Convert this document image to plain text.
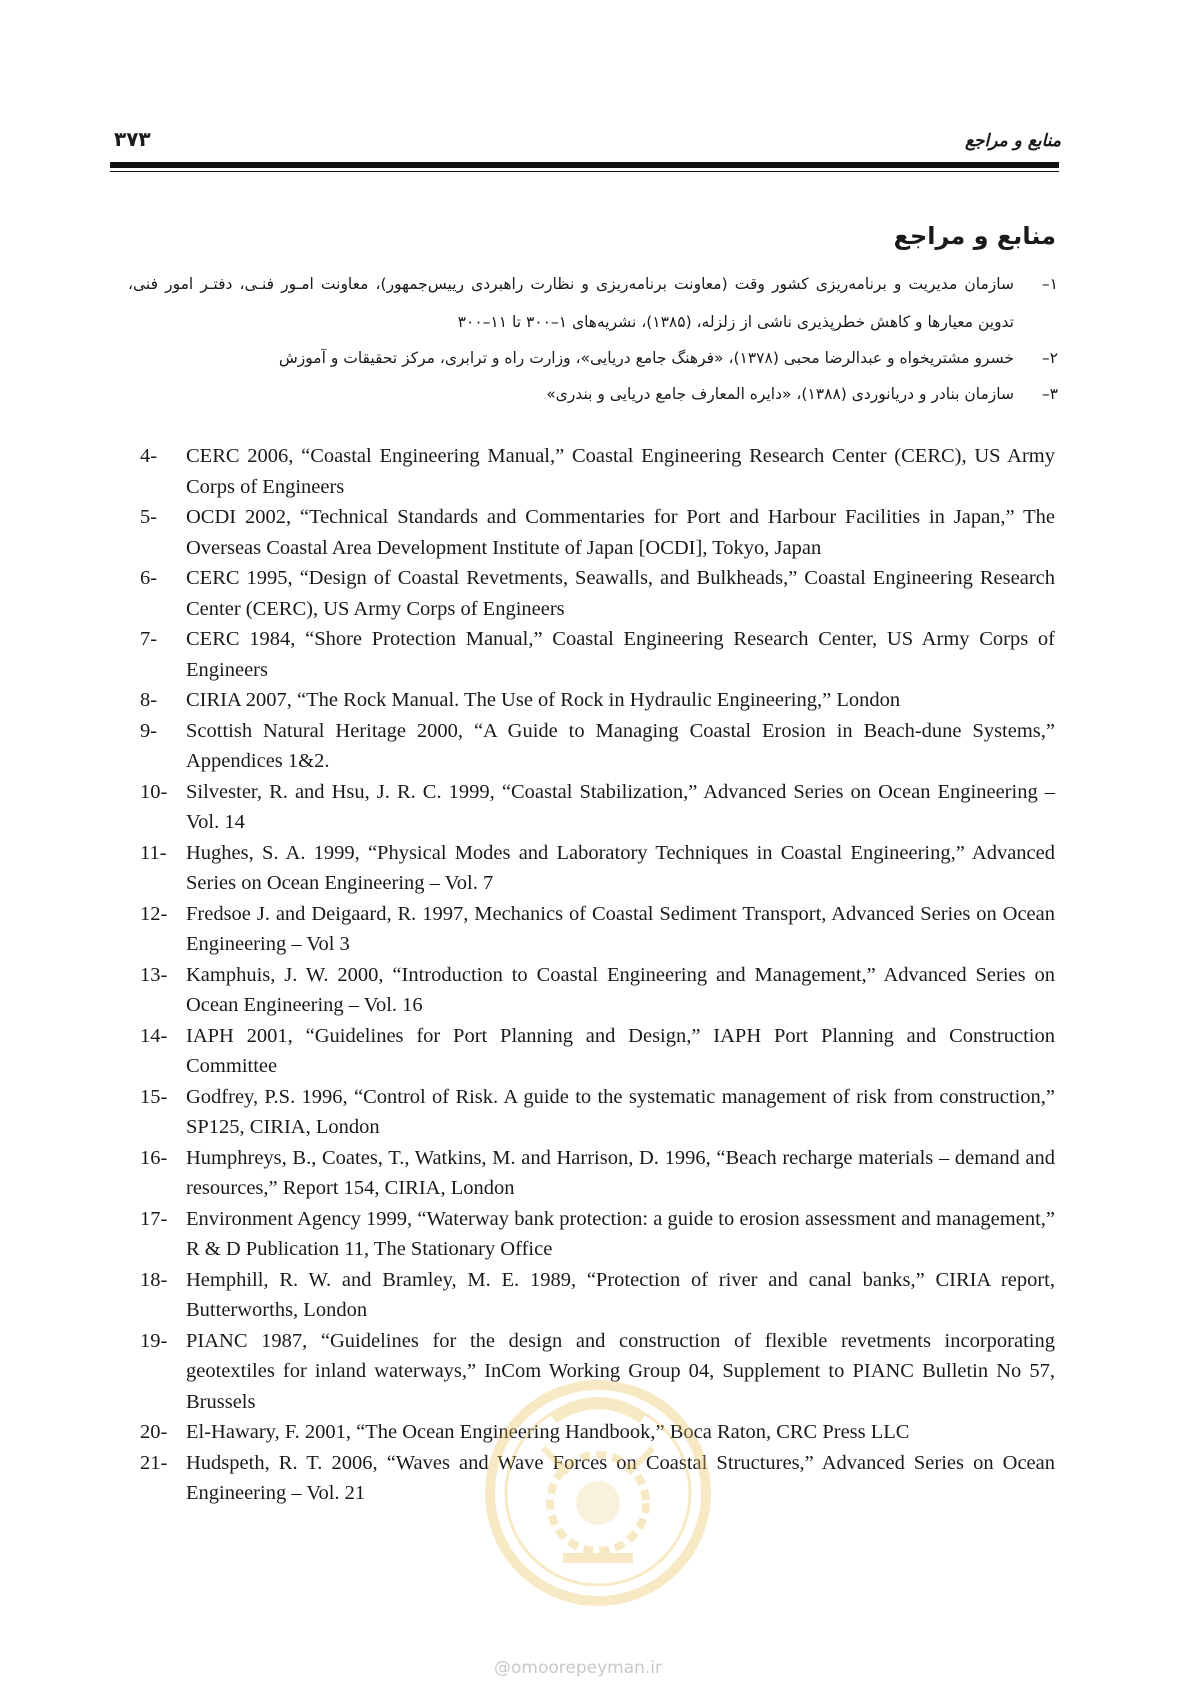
منابع و مراجع
۳۷۳
منابع و مراجع
۱–
سازمان مدیریت و برنامه‌ریزی کشور وقت (معاونت برنامه‌ریزی و نظارت راهبردی رییس‌جمهور)، معاونت امـور فنـی، دفتـر امور فنی، تدوین معیارها و کاهش خطرپذیری ناشی از زلزله، (۱۳۸۵)، نشریه‌های ۱–۳۰۰ تا ۱۱–۳۰۰
۲–
خسرو مشتریخواه و عبدالرضا محبی (۱۳۷۸)، «فرهنگ جامع دریایی»، وزارت راه و ترابری، مرکز تحقیقات و آموزش
۳–
سازمان بنادر و دریانوردی (۱۳۸۸)، «دایره المعارف جامع دریایی و بندری»
4-	CERC 2006, “Coastal Engineering Manual,” Coastal Engineering Research Center (CERC), US Army Corps of Engineers
5-	OCDI 2002, “Technical Standards and Commentaries for Port and Harbour Facilities in Japan,” The Overseas Coastal Area Development Institute of Japan [OCDI], Tokyo, Japan
6-	CERC 1995, “Design of Coastal Revetments, Seawalls, and Bulkheads,” Coastal Engineering Research Center (CERC), US Army Corps of Engineers
7-	CERC 1984, “Shore Protection Manual,” Coastal Engineering Research Center, US Army Corps of Engineers
8-	CIRIA 2007, “The Rock Manual. The Use of Rock in Hydraulic Engineering,” London
9-	Scottish Natural Heritage 2000, “A Guide to Managing Coastal Erosion in Beach-dune Systems,” Appendices 1&2.
10- Silvester, R. and Hsu, J. R. C. 1999, “Coastal Stabilization,” Advanced Series on Ocean Engineering – Vol. 14
11- Hughes, S. A. 1999, “Physical Modes and Laboratory Techniques in Coastal Engineering,” Advanced Series on Ocean Engineering – Vol. 7
12- Fredsoe J. and Deigaard, R. 1997, Mechanics of Coastal Sediment Transport, Advanced Series on Ocean Engineering – Vol 3
13- Kamphuis, J. W. 2000, “Introduction to Coastal Engineering and Management,” Advanced Series on Ocean Engineering – Vol. 16
14- IAPH 2001, “Guidelines for Port Planning and Design,” IAPH Port Planning and Construction Committee
15- Godfrey, P.S. 1996, “Control of Risk. A guide to the systematic management of risk from construction,” SP125, CIRIA, London
16- Humphreys, B., Coates, T., Watkins, M. and Harrison, D. 1996, “Beach recharge materials – demand and resources,” Report 154, CIRIA, London
17- Environment Agency 1999, “Waterway bank protection: a guide to erosion assessment and management,” R & D Publication 11, The Stationary Office
18- Hemphill, R. W. and Bramley, M. E. 1989, “Protection of river and canal banks,” CIRIA report, Butterworths, London
19- PIANC 1987, “Guidelines for the design and construction of flexible revetments incorporating geotextiles for inland waterways,” InCom Working Group 04, Supplement to PIANC Bulletin No 57, Brussels
20- El-Hawary, F. 2001, “The Ocean Engineering Handbook,” Boca Raton, CRC Press LLC
21- Hudspeth, R. T. 2006, “Waves and Wave Forces on Coastal Structures,” Advanced Series on Ocean Engineering – Vol. 21
@omoorepeyman.ir
